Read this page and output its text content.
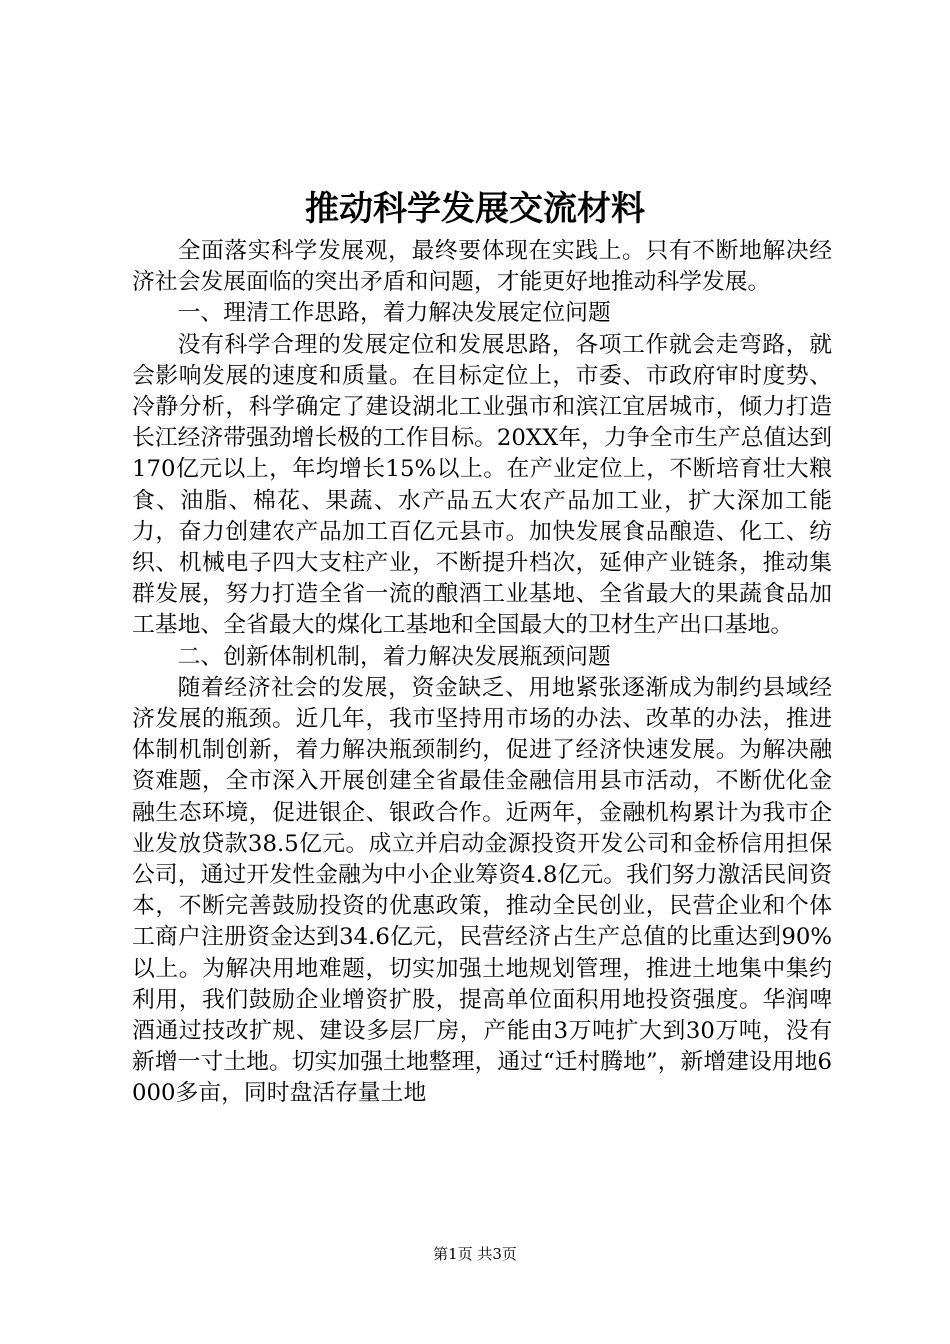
推动科学发展交流材料

全面落实科学发展观，最终要体现在实践上。只有不断地解决经济社会发展面临的突出矛盾和问题，才能更好地推动科学发展。

一、理清工作思路，着力解决发展定位问题

没有科学合理的发展定位和发展思路，各项工作就会走弯路，就会影响发展的速度和质量。在目标定位上，市委、市政府审时度势、冷静分析，科学确定了建设湖北工业强市和滨江宜居城市，倾力打造长江经济带强劲增长极的工作目标。20XX年，力争全市生产总值达到170亿元以上，年均增长15%以上。在产业定位上，不断培育壮大粮食、油脂、棉花、果蔬、水产品五大农产品加工业，扩大深加工能力，奋力创建农产品加工百亿元县市。加快发展食品酿造、化工、纺织、机械电子四大支柱产业，不断提升档次，延伸产业链条，推动集群发展，努力打造全省一流的酿酒工业基地、全省最大的果蔬食品加工基地、全省最大的煤化工基地和全国最大的卫材生产出口基地。

二、创新体制机制，着力解决发展瓶颈问题

随着经济社会的发展，资金缺乏、用地紧张逐渐成为制约县域经济发展的瓶颈。近几年，我市坚持用市场的办法、改革的办法，推进体制机制创新，着力解决瓶颈制约，促进了经济快速发展。为解决融资难题，全市深入开展创建全省最佳金融信用县市活动，不断优化金融生态环境，促进银企、银政合作。近两年，金融机构累计为我市企业发放贷款38.5亿元。成立并启动金源投资开发公司和金桥信用担保公司，通过开发性金融为中小企业筹资4.8亿元。我们努力激活民间资本，不断完善鼓励投资的优惠政策，推动全民创业，民营企业和个体工商户注册资金达到34.6亿元，民营经济占生产总值的比重达到90%以上。为解决用地难题，切实加强土地规划管理，推进土地集中集约利用，我们鼓励企业增资扩股，提高单位面积用地投资强度。华润啤酒通过技改扩规、建设多层厂房，产能由3万吨扩大到30万吨，没有新增一寸土地。切实加强土地整理，通过“迁村腾地”，新增建设用地6000多亩，同时盘活存量土地

第1页 共3页
